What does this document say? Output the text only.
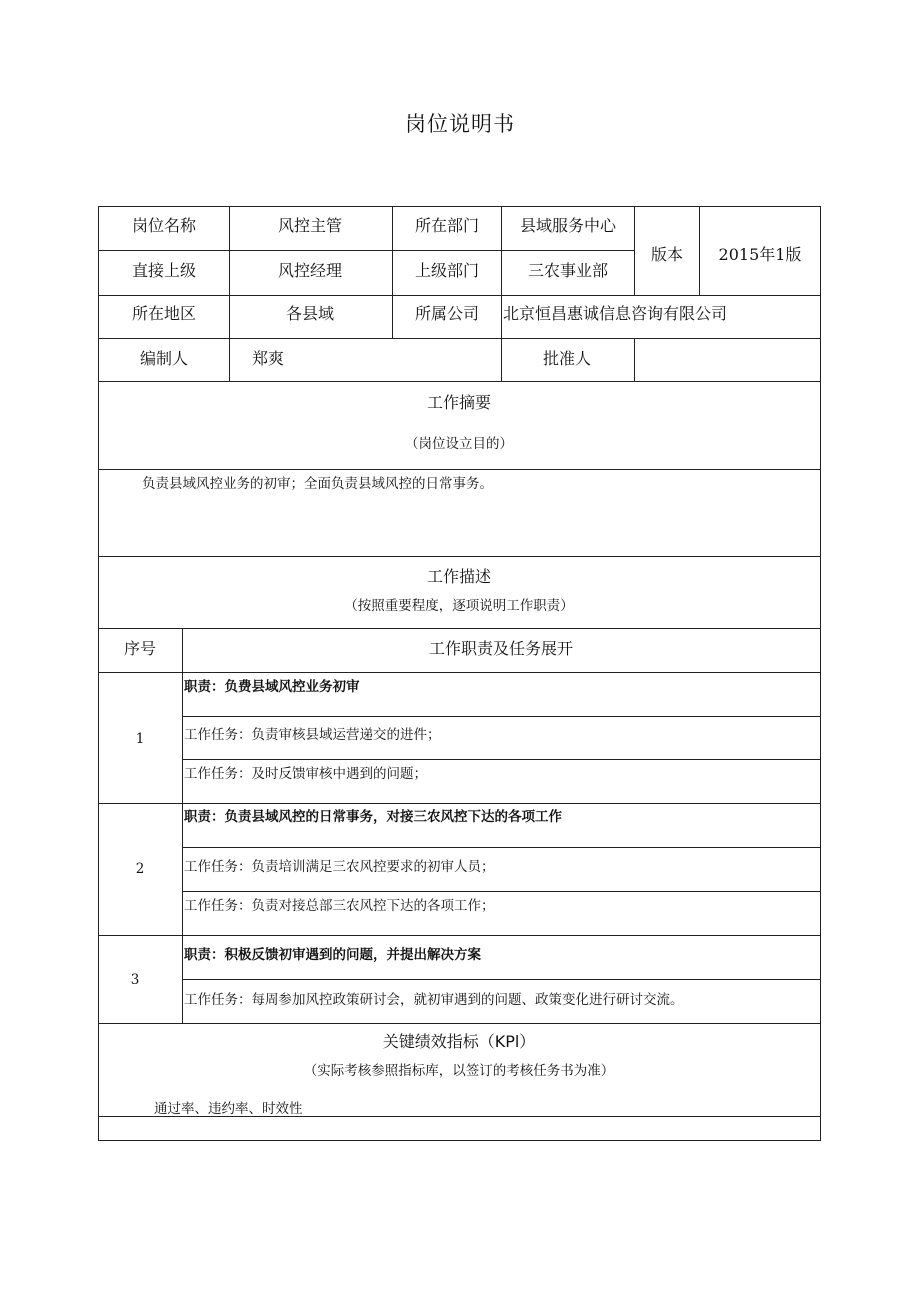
岗位说明书
岗位名称	风控主管	所在部门	县域服务中心
版本 2015年1版
直接上级	风控经理	上级部门	三农事业部
所在地区	各县域	所属公司 北京恒昌惠诚信息咨询有限公司
编制人	郑爽	批准人
工作摘要
（岗位设立目的）
负责县域风控业务的初审；全面负责县域风控的日常事务。
工作描述
（按照重要程度，逐项说明工作职责）
序号	工作职责及任务展开
1
职责：负费县域风控业务初审
工作任务：负责审核县域运营递交的进件；
工作任务：及时反馈审核中遇到的问题；
2
职责：负责县域风控的日常事务，对接三农风控下达的各项工作
工作任务：负责培训满足三农风控要求的初审人员；
工作任务：负责对接总部三农风控下达的各项工作；
3
职责：积极反馈初审遇到的问题，并提出解决方案
工作任务：每周参加风控政策研讨会，就初审遇到的问题、政策变化进行研讨交流。
关键绩效指标（KPl）
（实际考核参照指标库，以签订的考核任务书为准）
通过率、违约率、时效性
